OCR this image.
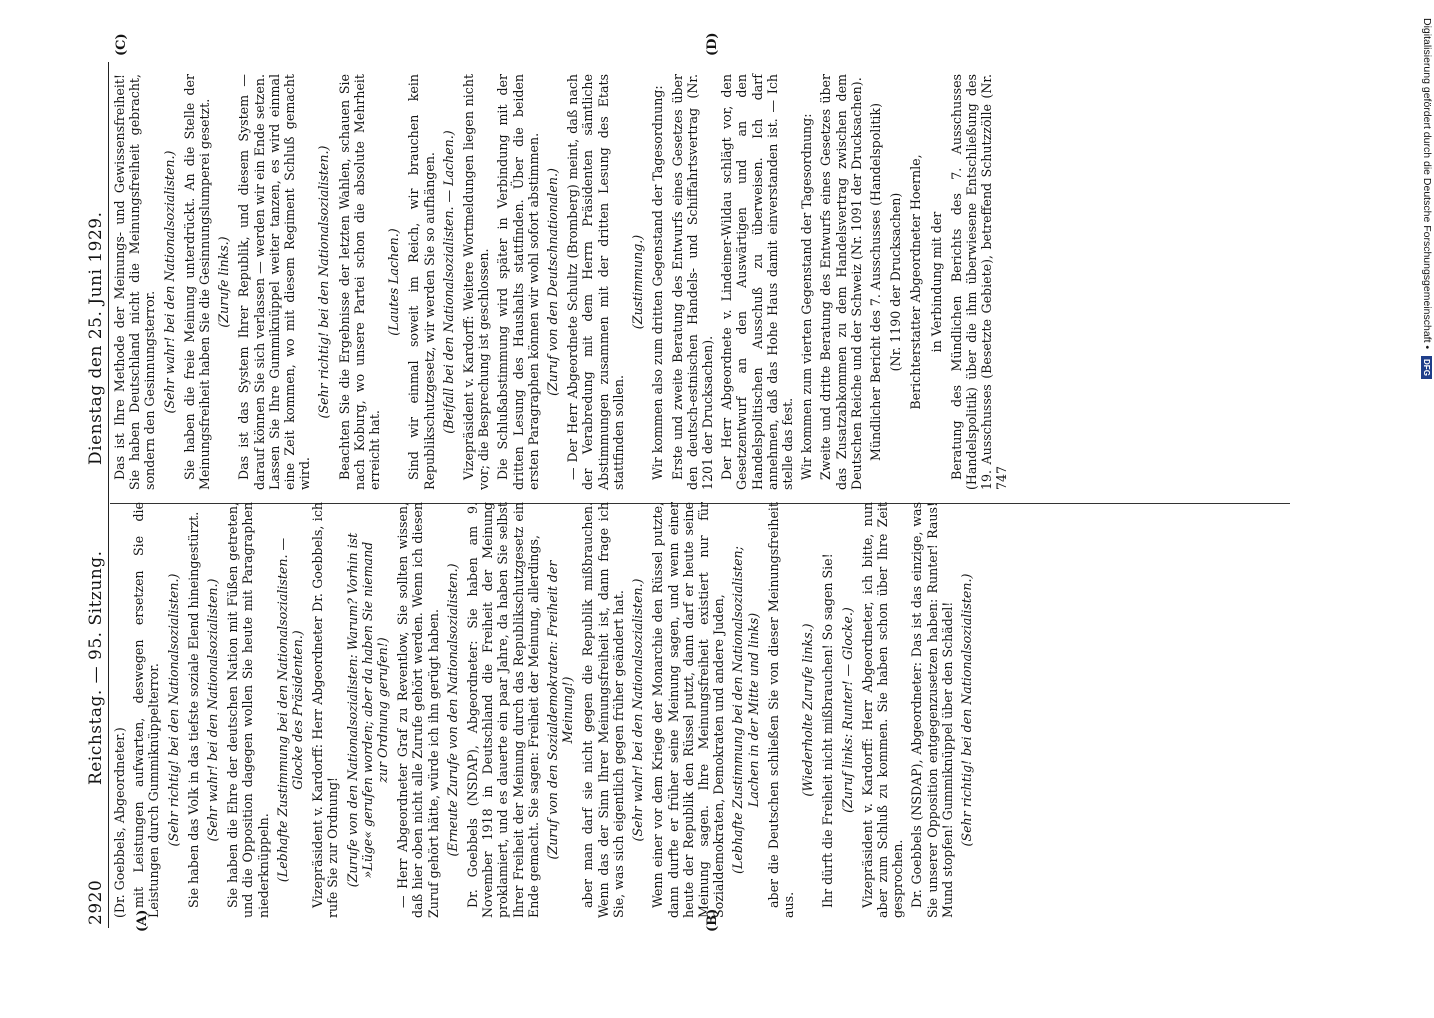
2920
Reichstag. — 95. Sitzung.
Dienstag den 25. Juni 1929.
(A)	(B)
(C)	(D)

(Dr. Goebbels, Abgeordneter.) mit Leistungen aufwarten, deswegen ersetzen Sie die Leistungen durch Gummiknüppelterror. (Sehr richtig! bei den Nationalsozialisten.) Sie haben das Volk in das tiefste soziale Elend hineingestürzt. (Sehr wahr! bei den Nationalsozialisten.) Sie haben die Ehre der deutschen Nation mit Füßen getreten, und die Opposition dagegen wollen Sie heute mit Paragraphen niederknüppeln. (Lebhafte Zustimmung bei den Nationalsozialisten. — Glocke des Präsidenten.) Vizepräsident v. Kardorff: Herr Abgeordneter Dr. Goebbels, ich rufe Sie zur Ordnung! (Zurufe von den Nationalsozialisten: Warum? Vorhin ist »Lüge« gerufen worden; aber da haben Sie niemand zur Ordnung gerufen!) — Herr Abgeordneter Graf zu Reventlow, Sie sollten wissen, daß hier oben nicht alle Zurufe gehört werden. Wenn ich diesen Zuruf gehört hätte, würde ich ihn gerügt haben. (Erneute Zurufe von den Nationalsozialisten.) Dr. Goebbels (NSDAP), Abgeordneter: Sie haben am 9. November 1918 in Deutschland die Freiheit der Meinung proklamiert, und es dauerte ein paar Jahre, da haben Sie selbst Ihrer Freiheit der Meinung durch das Republikschutzgesetz ein Ende gemacht. Sie sagen: Freiheit der Meinung, allerdings, (Zuruf von den Sozialdemokraten: Freiheit der Meinung!) aber man darf sie nicht gegen die Republik mißbrauchen. Wenn das der Sinn Ihrer Meinungsfreiheit ist, dann frage ich Sie, was sich eigentlich gegen früher geändert hat. (Sehr wahr! bei den Nationalsozialisten.) Wenn einer vor dem Kriege der Monarchie den Rüssel putzte, dann durfte er früher seine Meinung sagen, und wenn einer heute der Republik den Rüssel putzt, dann darf er heute seine Meinung sagen. Ihre Meinungsfreiheit existiert nur für Sozialdemokraten, Demokraten und andere Juden, (Lebhafte Zustimmung bei den Nationalsozialisten; Lachen in der Mitte und links) aber die Deutschen schließen Sie von dieser Meinungsfreiheit aus.

(Wiederholte Zurufe links.) Ihr dürft die Freiheit nicht mißbrauchen! So sagen Sie! (Zuruf links: Runter! — Glocke.) Vizepräsident v. Kardorff: Herr Abgeordneter, ich bitte, nun aber zum Schluß zu kommen. Sie haben schon über Ihre Zeit gesprochen. Dr. Goebbels (NSDAP), Abgeordneter: Das ist das einzige, was Sie unserer Opposition entgegenzusetzen haben: Runter! Raus! Mund stopfen! Gummiknüppel über den Schädel! (Sehr richtig! bei den Nationalsozialisten.)

Das ist Ihre Methode der Meinungs- und Gewissensfreiheit! Sie haben Deutschland nicht die Meinungsfreiheit gebracht, sondern den Gesinnungsterror. (Sehr wahr! bei den Nationalsozialisten.) Sie haben die freie Meinung unterdrückt. An die Stelle der Meinungsfreiheit haben Sie die Gesinnungslumperei gesetzt. (Zurufe links.) Das ist das System Ihrer Republik, und diesem System — darauf können Sie sich verlassen — werden wir ein Ende setzen. Lassen Sie Ihre Gummiknüppel weiter tanzen, es wird einmal eine Zeit kommen, wo mit diesem Regiment Schluß gemacht wird.

(Sehr richtig! bei den Nationalsozialisten.) Beachten Sie die Ergebnisse der letzten Wahlen, schauen Sie nach Koburg, wo unsere Partei schon die absolute Mehrheit erreicht hat.

(Lautes Lachen.) Sind wir einmal soweit im Reich, wir brauchen kein Republikschutzgesetz, wir werden Sie so aufhängen. (Beifall bei den Nationalsozialisten. — Lachen.) Vizepräsident v. Kardorff: Weitere Wortmeldungen liegen nicht vor; die Besprechung ist geschlossen. Die Schlußabstimmung wird später in Verbindung mit der dritten Lesung des Haushalts stattfinden. Über die beiden ersten Paragraphen können wir wohl sofort abstimmen. (Zuruf von den Deutschnationalen.) — Der Herr Abgeordnete Schultz (Bromberg) meint, daß nach der Verabredung mit dem Herrn Präsidenten sämtliche Abstimmungen zusammen mit der dritten Lesung des Etats stattfinden sollen.

(Zustimmung.) Wir kommen also zum dritten Gegenstand der Tagesordnung: Erste und zweite Beratung des Entwurfs eines Gesetzes über den deutsch-estnischen Handels- und Schiffahrtsvertrag (Nr. 1201 der Drucksachen). Der Herr Abgeordnete v. Lindeiner-Wildau schlägt vor, den Gesetzentwurf an den Auswärtigen und an den Handelspolitischen Ausschuß zu überweisen. Ich darf annehmen, daß das Hohe Haus damit einverstanden ist. — Ich stelle das fest. Wir kommen zum vierten Gegenstand der Tagesordnung: Zweite und dritte Beratung des Entwurfs eines Gesetzes über das Zusatzabkommen zu dem Handelsvertrag zwischen dem Deutschen Reiche und der Schweiz (Nr. 1091 der Drucksachen). Mündlicher Bericht des 7. Ausschusses (Handelspolitik) (Nr. 1190 der Drucksachen) Berichterstatter Abgeordneter Hoernle, in Verbindung mit der Beratung des Mündlichen Berichts des 7. Ausschusses (Handelspolitik) über die ihm überwiesene Entschließung des 19. Ausschusses (Besetzte Gebiete), betreffend Schutzzölle (Nr. 747

Digitalisierung gefördert durch die Deutsche Forschungsgemeinschaft • DFG
